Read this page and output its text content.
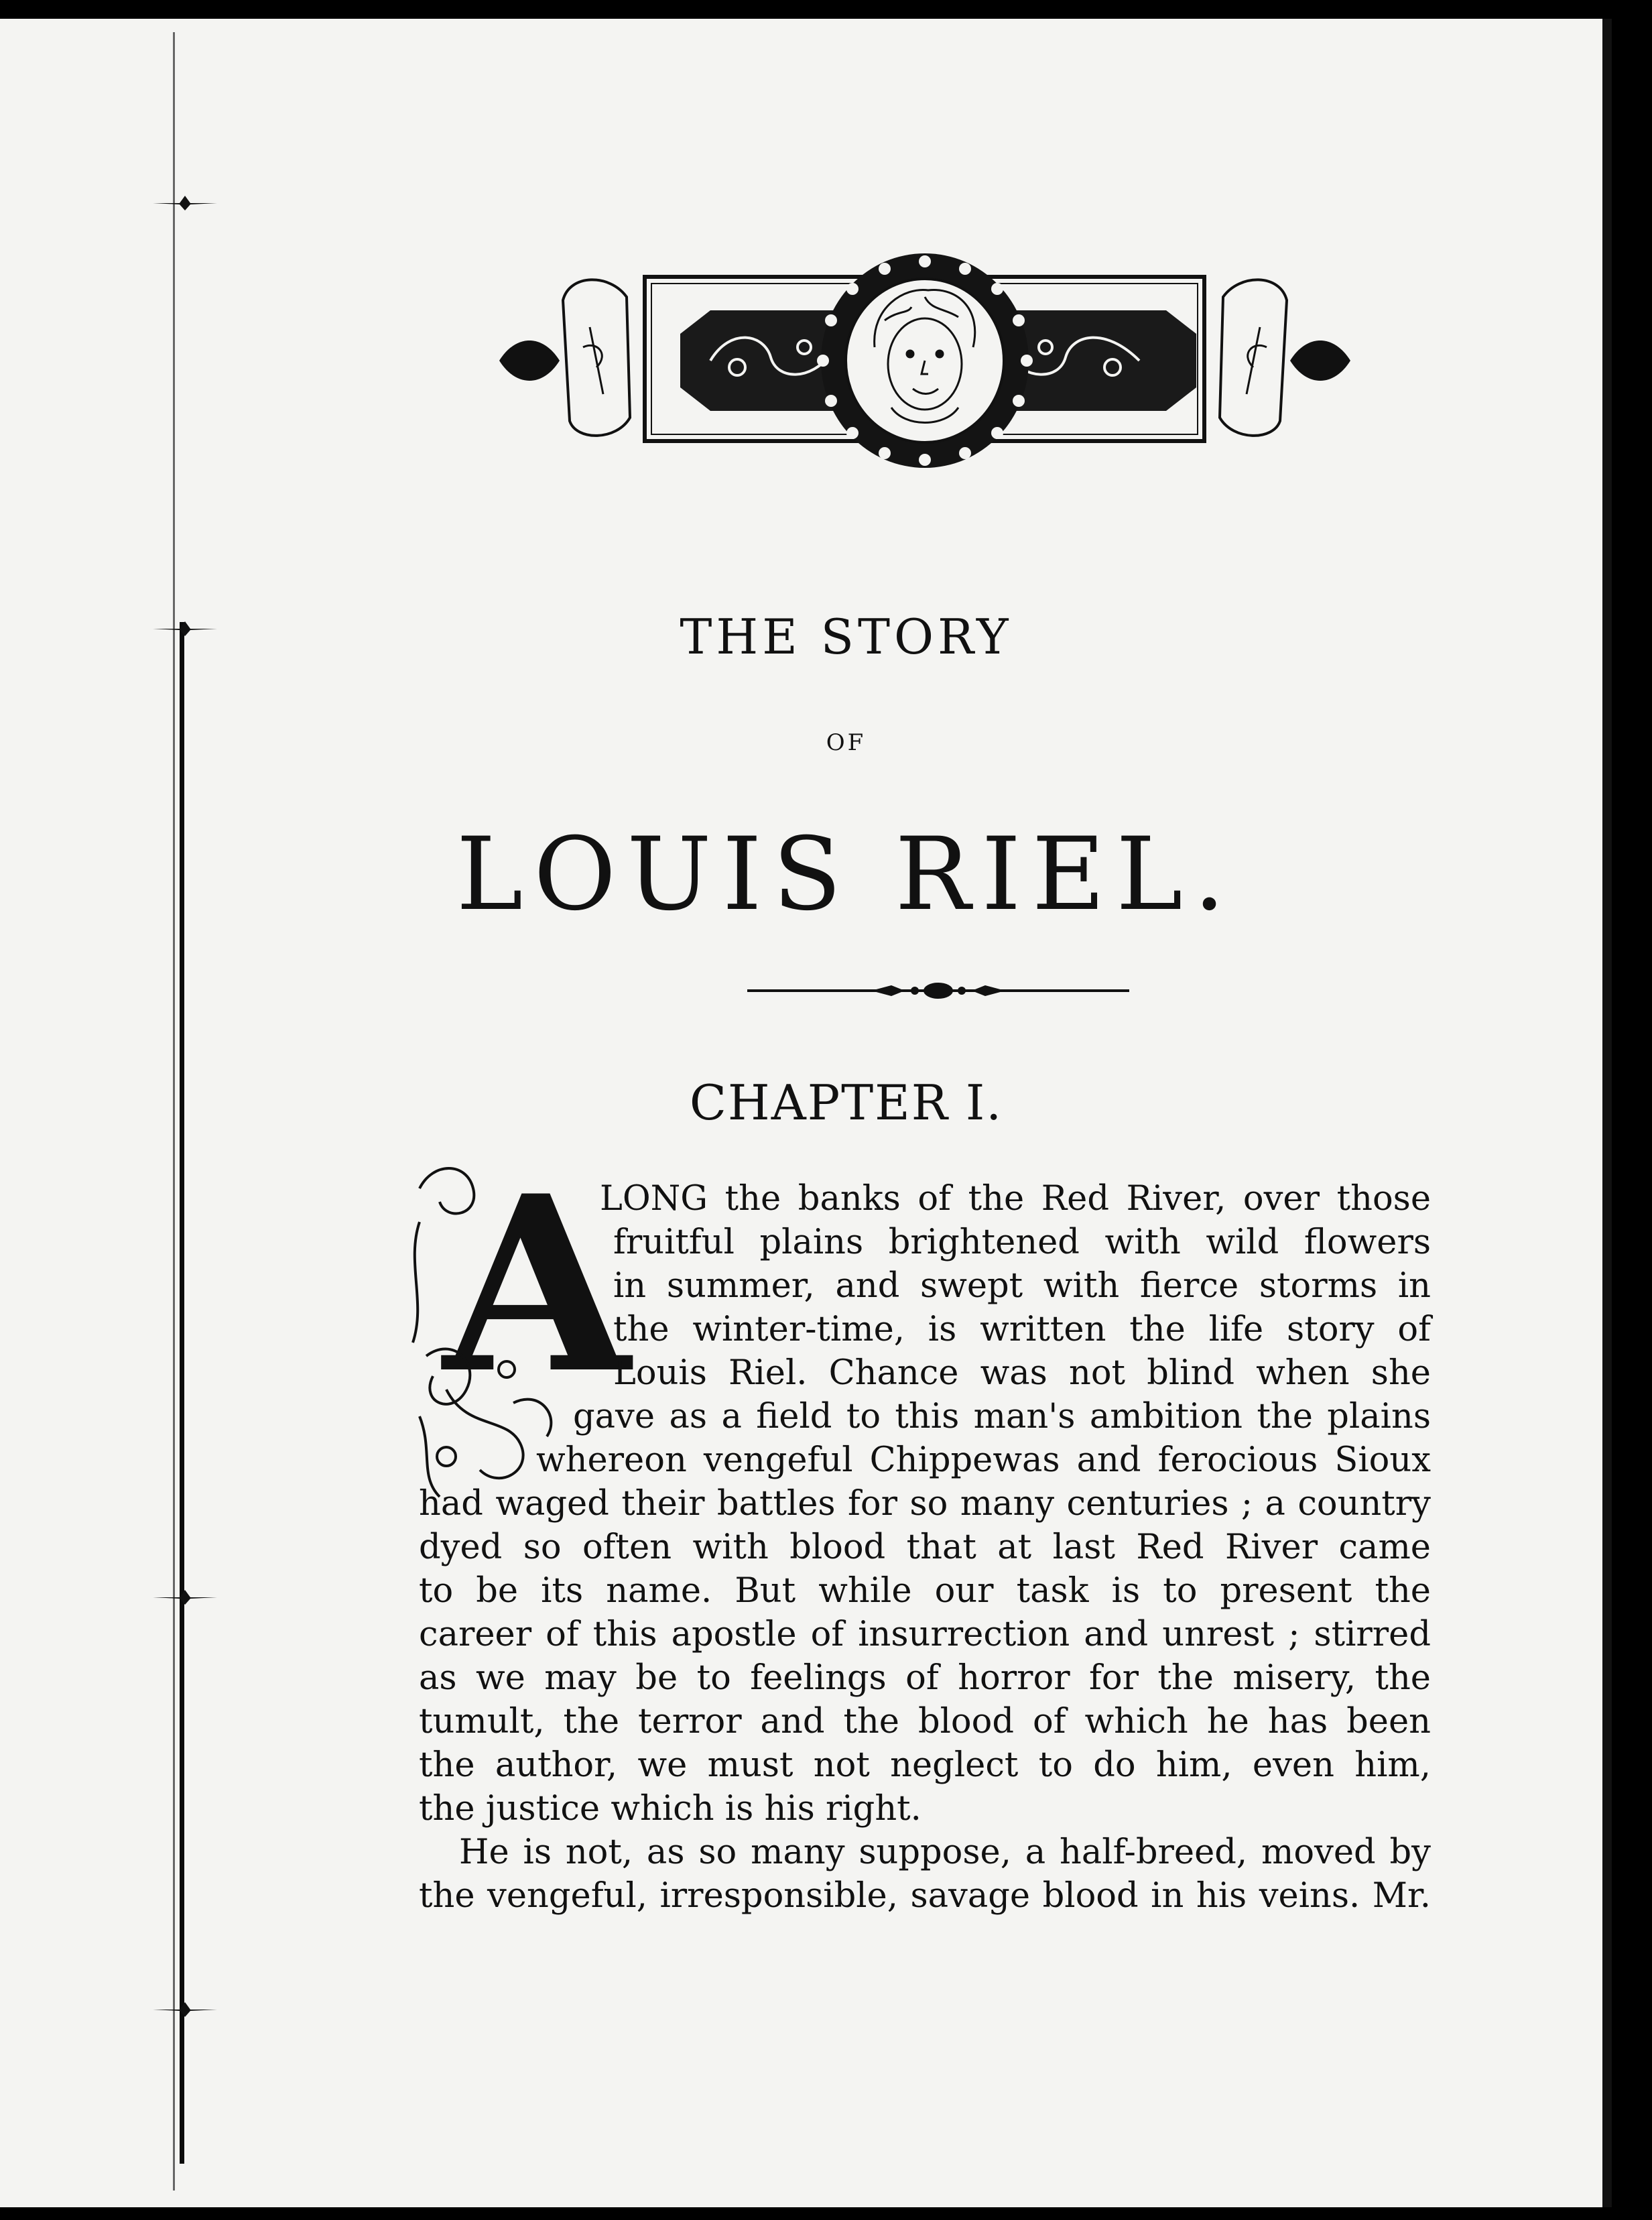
THE STORY
OF
LOUIS RIEL.
CHAPTER I.
A
LONG the banks of the Red River, over those
fruitful plains brightened with wild flowers
in summer, and swept with fierce storms in
the winter-time, is written the life story of
Louis Riel. Chance was not blind when she
gave as a field to this man's ambition the plains
whereon vengeful Chippewas and ferocious Sioux
had waged their battles for so many centuries ; a country
dyed so often with blood that at last Red River came
to be its name. But while our task is to present the
career of this apostle of insurrection and unrest ; stirred
as we may be to feelings of horror for the misery, the
tumult, the terror and the blood of which he has been
the author, we must not neglect to do him, even him,
the justice which is his right.
He is not, as so many suppose, a half-breed, moved by
the vengeful, irresponsible, savage blood in his veins. Mr.
